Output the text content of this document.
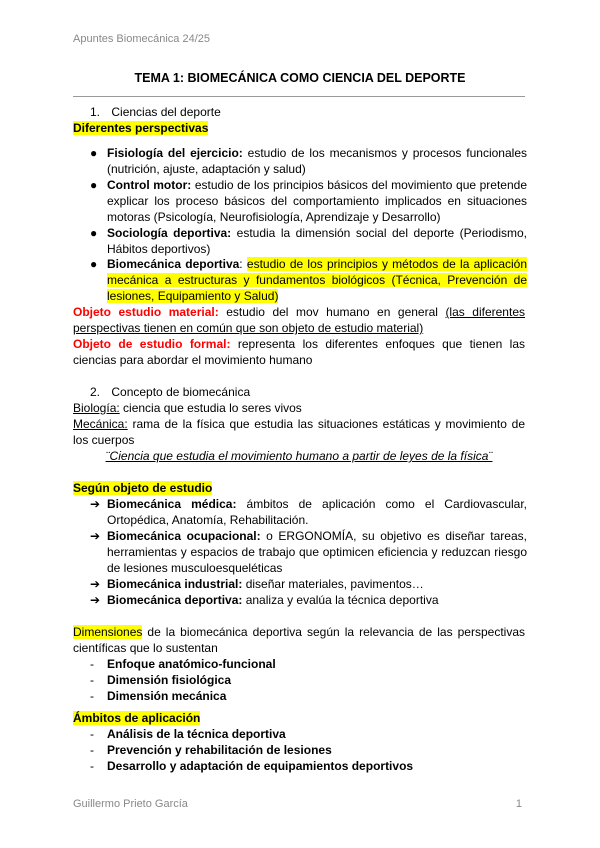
Apuntes Biomecánica 24/25
TEMA 1: BIOMECÁNICA COMO CIENCIA DEL DEPORTE
1. Ciencias del deporte
Diferentes perspectivas
● Fisiología del ejercicio: estudio de los mecanismos y procesos funcionales (nutrición, ajuste, adaptación y salud)
● Control motor: estudio de los principios básicos del movimiento que pretende explicar los proceso básicos del comportamiento implicados en situaciones motoras (Psicología, Neurofisiología, Aprendizaje y Desarrollo)
● Sociología deportiva: estudia la dimensión social del deporte (Periodismo, Hábitos deportivos)
● Biomecánica deportiva: estudio de los principios y métodos de la aplicación mecánica a estructuras y fundamentos biológicos (Técnica, Prevención de lesiones, Equipamiento y Salud)
Objeto estudio material: estudio del mov humano en general (las diferentes perspectivas tienen en común que son objeto de estudio material)
Objeto de estudio formal: representa los diferentes enfoques que tienen las ciencias para abordar el movimiento humano
2. Concepto de biomecánica
Biología: ciencia que estudia lo seres vivos
Mecánica: rama de la física que estudia las situaciones estáticas y movimiento de los cuerpos
¨Ciencia que estudia el movimiento humano a partir de leyes de la física¨
Según objeto de estudio
➔ Biomecánica médica: ámbitos de aplicación como el Cardiovascular, Ortopédica, Anatomía, Rehabilitación.
➔ Biomecánica ocupacional: o ERGONOMÍA, su objetivo es diseñar tareas, herramientas y espacios de trabajo que optimicen eficiencia y reduzcan riesgo de lesiones musculoesqueléticas
➔ Biomecánica industrial: diseñar materiales, pavimentos…
➔ Biomecánica deportiva: analiza y evalúa la técnica deportiva
Dimensiones de la biomecánica deportiva según la relevancia de las perspectivas científicas que lo sustentan
- Enfoque anatómico-funcional
- Dimensión fisiológica
- Dimensión mecánica
Ámbitos de aplicación
- Análisis de la técnica deportiva
- Prevención y rehabilitación de lesiones
- Desarrollo y adaptación de equipamientos deportivos
Guillermo Prieto García	1
